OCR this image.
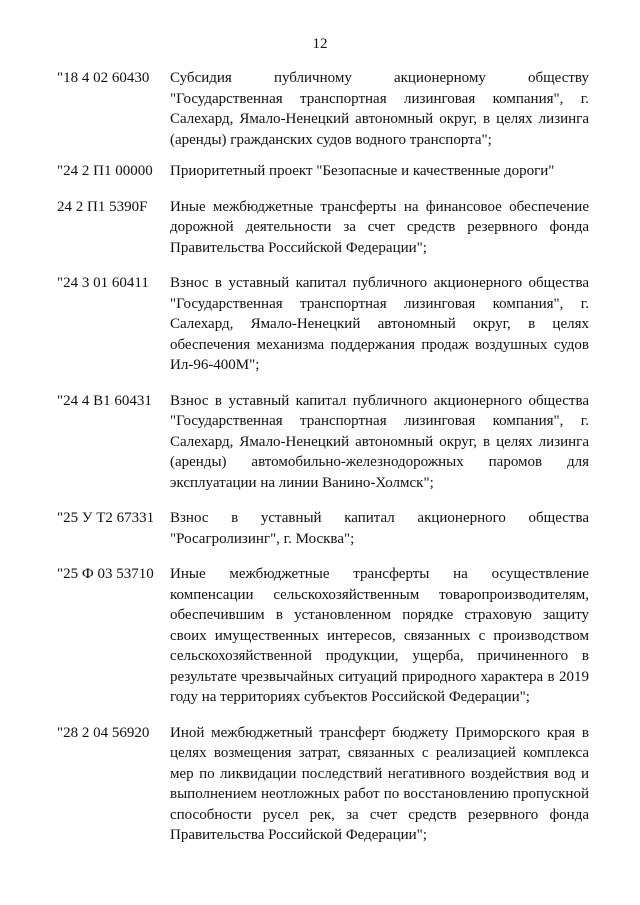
12
"18 4 02 60430	Субсидия публичному акционерному обществу "Государственная транспортная лизинговая компания", г. Салехард, Ямало-Ненецкий автономный округ, в целях лизинга (аренды) гражданских судов водного транспорта";
"24 2 П1 00000	Приоритетный проект "Безопасные и качественные дороги"
24 2 П1 5390F	Иные межбюджетные трансферты на финансовое обеспечение дорожной деятельности за счет средств резервного фонда Правительства Российской Федерации";
"24 3 01 60411	Взнос в уставный капитал публичного акционерного общества "Государственная транспортная лизинговая компания", г. Салехард, Ямало-Ненецкий автономный округ, в целях обеспечения механизма поддержания продаж воздушных судов Ил-96-400М";
"24 4 В1 60431	Взнос в уставный капитал публичного акционерного общества "Государственная транспортная лизинговая компания", г. Салехард, Ямало-Ненецкий автономный округ, в целях лизинга (аренды) автомобильно-железнодорожных паромов для эксплуатации на линии Ванино-Холмск";
"25 У Т2 67331	Взнос в уставный капитал акционерного общества "Росагролизинг", г. Москва";
"25 Ф 03 53710	Иные межбюджетные трансферты на осуществление компенсации сельскохозяйственным товаропроизводителям, обеспечившим в установленном порядке страховую защиту своих имущественных интересов, связанных с производством сельскохозяйственной продукции, ущерба, причиненного в результате чрезвычайных ситуаций природного характера в 2019 году на территориях субъектов Российской Федерации";
"28 2 04 56920	Иной межбюджетный трансферт бюджету Приморского края в целях возмещения затрат, связанных с реализацией комплекса мер по ликвидации последствий негативного воздействия вод и выполнением неотложных работ по восстановлению пропускной способности русел рек, за счет средств резервного фонда Правительства Российской Федерации";
